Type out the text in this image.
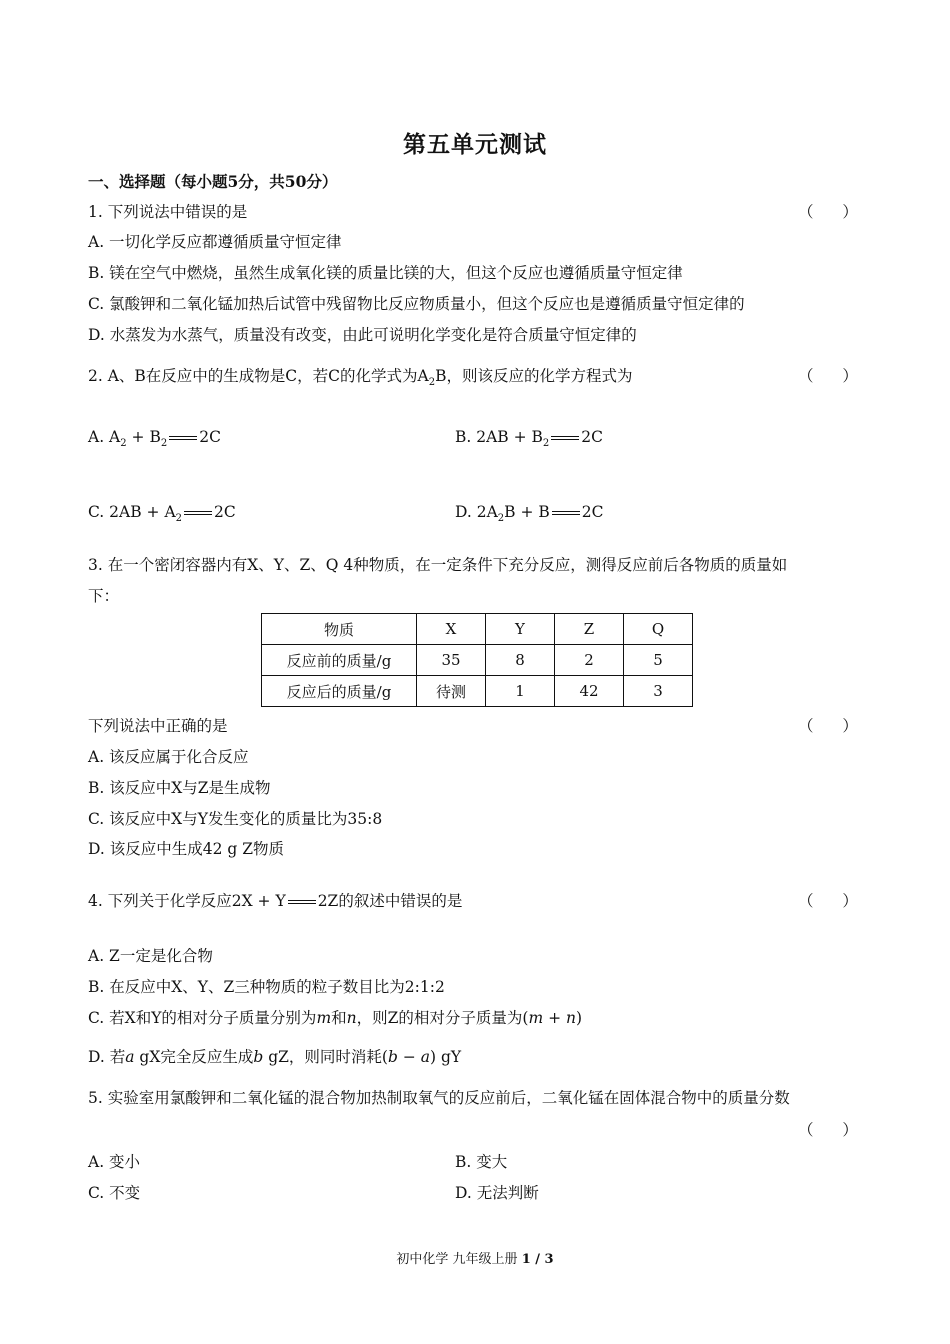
第五单元测试
一、选择题（每小题5分，共50分）
1. 下列说法中错误的是	（ ）
A. 一切化学反应都遵循质量守恒定律
B. 镁在空气中燃烧，虽然生成氧化镁的质量比镁的大，但这个反应也遵循质量守恒定律
C. 氯酸钾和二氧化锰加热后试管中残留物比反应物质量小，但这个反应也是遵循质量守恒定律的
D. 水蒸发为水蒸气，质量没有改变，由此可说明化学变化是符合质量守恒定律的
2. A、B在反应中的生成物是C，若C的化学式为$A_2B$，则该反应的化学方程式为	（ ）
A. $A_2 + B_2$ 2C	B. $2AB + B_2$ 2C
C. $2AB + A_2$ 2C	D. $2A_2B + B$ 2C
3. 在一个密闭容器内有X、Y、Z、Q 4种物质，在一定条件下充分反应，测得反应前后各物质的质量如
下：
物质	X	Y	Z	Q
反应前的质量/g	35	8	2	5
反应后的质量/g	待测	1	42	3
下列说法中正确的是	（ ）
A. 该反应属于化合反应
B. 该反应中X与Z是生成物
C. 该反应中X与Y发生变化的质量比为35:8
D. 该反应中生成42 g Z物质
4. 下列关于化学反应2X + Y 2Z的叙述中错误的是	（ ）
A. Z一定是化合物
B. 在反应中X、Y、Z三种物质的粒子数目比为2:1:2
C. 若X和Y的相对分子质量分别为m和n，则Z的相对分子质量为(m + n)
D. 若a gX完全反应生成b gZ，则同时消耗(b − a) gY
5. 实验室用氯酸钾和二氧化锰的混合物加热制取氧气的反应前后，二氧化锰在固体混合物中的质量分数
（ ）
A. 变小	B. 变大
C. 不变	D. 无法判断
初中化学 九年级上册 1 / 3
